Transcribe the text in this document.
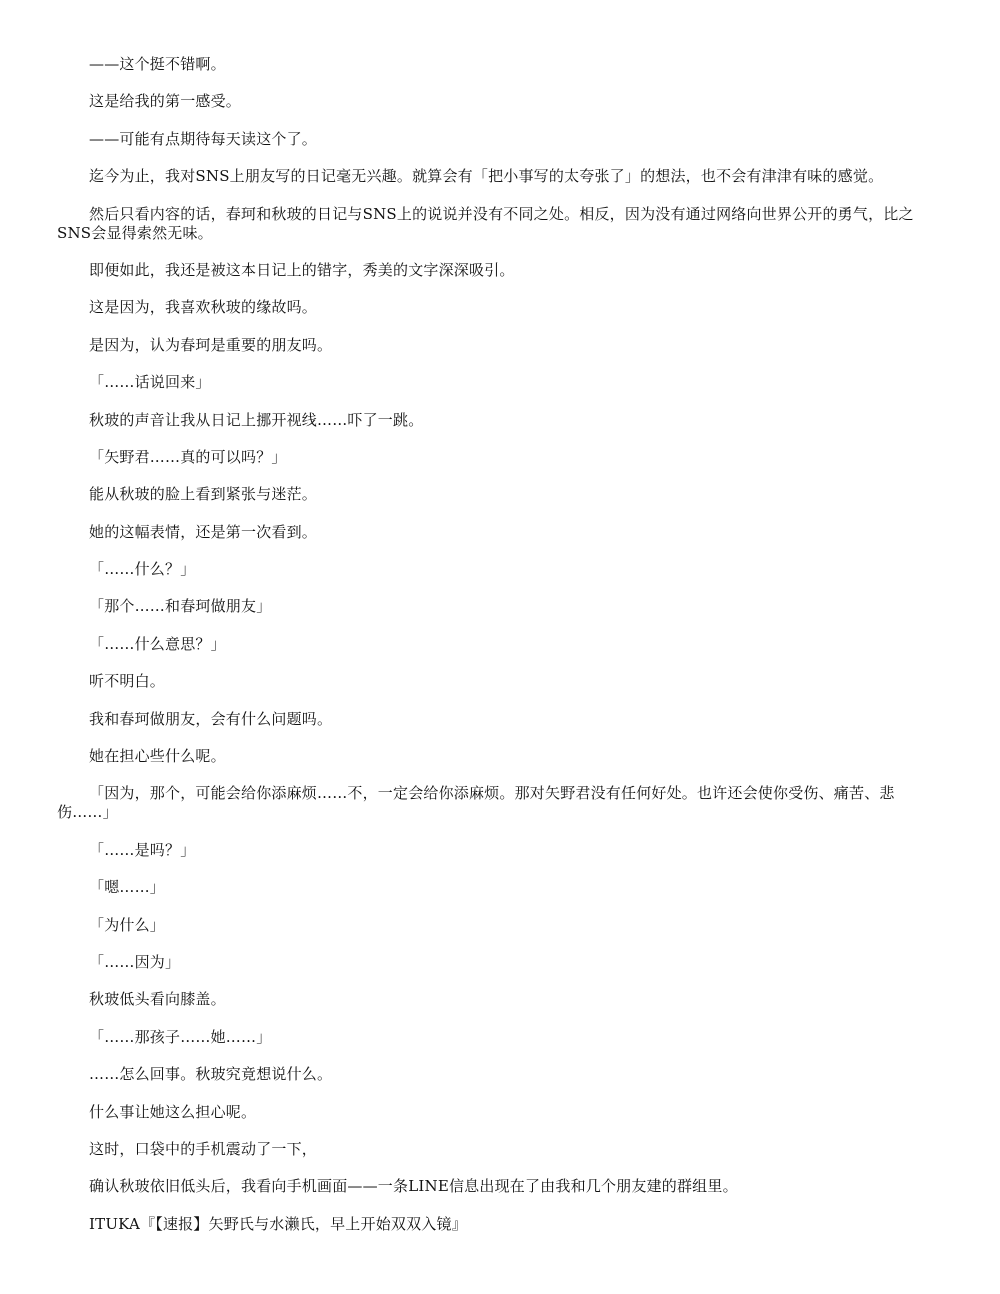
——这个挺不错啊。

这是给我的第一感受。

——可能有点期待每天读这个了。

迄今为止，我对SNS上朋友写的日记毫无兴趣。就算会有「把小事写的太夸张了」的想法，也不会有津津有味的感觉。

然后只看内容的话，春珂和秋玻的日记与SNS上的说说并没有不同之处。相反，因为没有通过网络向世界公开的勇气，比之SNS会显得索然无味。

即便如此，我还是被这本日记上的错字，秀美的文字深深吸引。

这是因为，我喜欢秋玻的缘故吗。

是因为，认为春珂是重要的朋友吗。

「……话说回来」

秋玻的声音让我从日记上挪开视线……吓了一跳。

「矢野君……真的可以吗？」

能从秋玻的脸上看到紧张与迷茫。

她的这幅表情，还是第一次看到。

「……什么？」

「那个……和春珂做朋友」

「……什么意思？」

听不明白。

我和春珂做朋友，会有什么问题吗。

她在担心些什么呢。

「因为，那个，可能会给你添麻烦……不，一定会给你添麻烦。那对矢野君没有任何好处。也许还会使你受伤、痛苦、悲伤……」

「……是吗？」

「嗯……」

「为什么」

「……因为」

秋玻低头看向膝盖。

「……那孩子……她……」

……怎么回事。秋玻究竟想说什么。

什么事让她这么担心呢。

这时，口袋中的手机震动了一下，

确认秋玻依旧低头后，我看向手机画面——一条LINE信息出现在了由我和几个朋友建的群组里。

ITUKA『【速报】矢野氏与水濑氏，早上开始双双入镜』
